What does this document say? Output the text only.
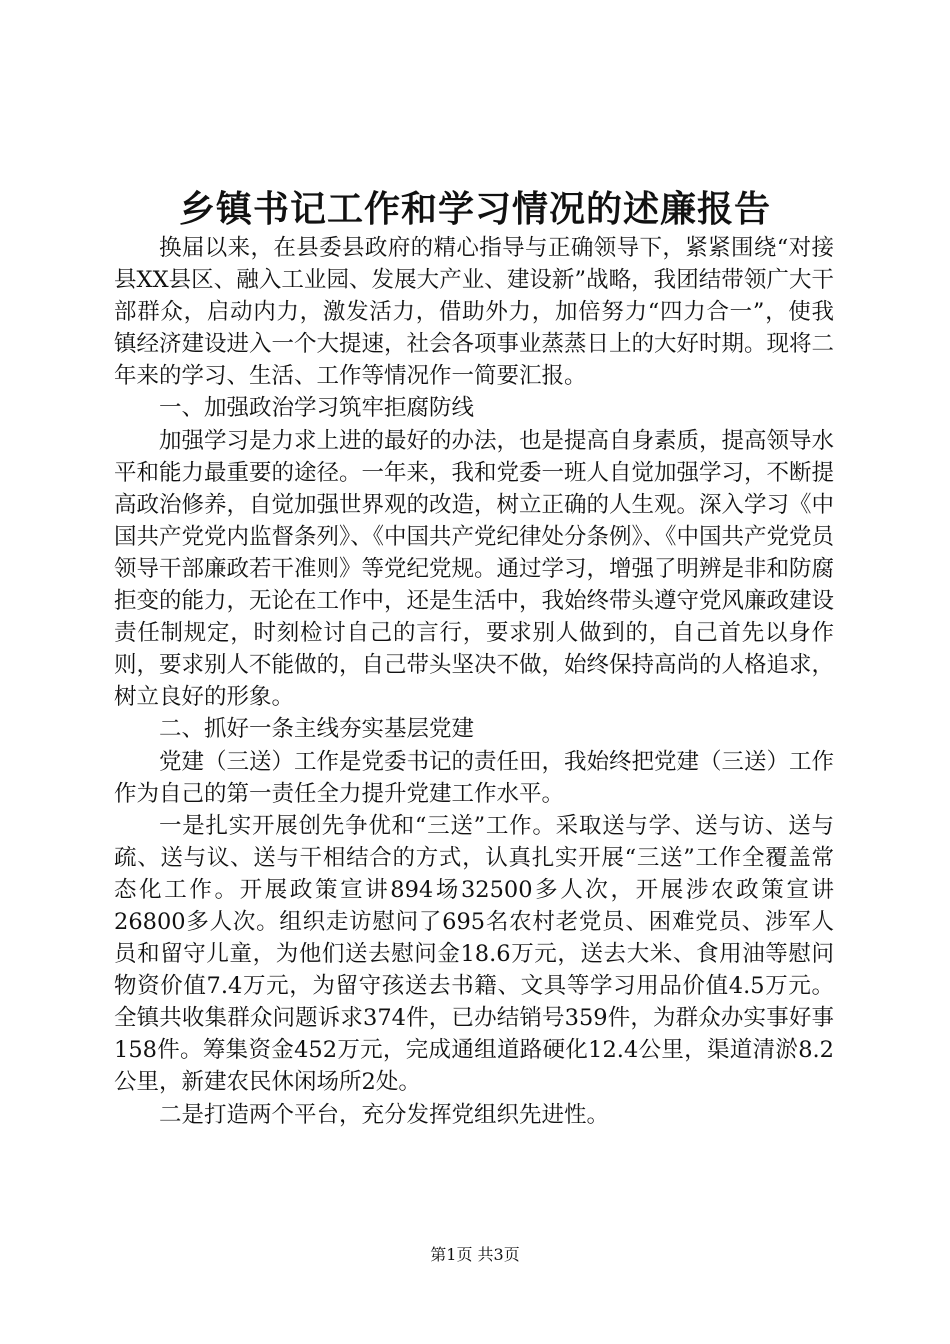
乡镇书记工作和学习情况的述廉报告

换届以来，在县委县政府的精心指导与正确领导下，紧紧围绕“对接县XX县区、融入工业园、发展大产业、建设新”战略，我团结带领广大干部群众，启动内力，激发活力，借助外力，加倍努力“四力合一”，使我镇经济建设进入一个大提速，社会各项事业蒸蒸日上的大好时期。现将二年来的学习、生活、工作等情况作一简要汇报。

一、加强政治学习筑牢拒腐防线

加强学习是力求上进的最好的办法，也是提高自身素质，提高领导水平和能力最重要的途径。一年来，我和党委一班人自觉加强学习，不断提高政治修养，自觉加强世界观的改造，树立正确的人生观。深入学习《中国共产党党内监督条列》、《中国共产党纪律处分条例》、《中国共产党党员领导干部廉政若干准则》等党纪党规。通过学习，增强了明辨是非和防腐拒变的能力，无论在工作中，还是生活中，我始终带头遵守党风廉政建设责任制规定，时刻检讨自己的言行，要求别人做到的，自己首先以身作则，要求别人不能做的，自己带头坚决不做，始终保持高尚的人格追求，树立良好的形象。

二、抓好一条主线夯实基层党建

党建（三送）工作是党委书记的责任田，我始终把党建（三送）工作作为自己的第一责任全力提升党建工作水平。

一是扎实开展创先争优和“三送”工作。采取送与学、送与访、送与疏、送与议、送与干相结合的方式，认真扎实开展“三送”工作全覆盖常态化工作。开展政策宣讲894场32500多人次，开展涉农政策宣讲26800多人次。组织走访慰问了695名农村老党员、困难党员、涉军人员和留守儿童，为他们送去慰问金18.6万元，送去大米、食用油等慰问物资价值7.4万元，为留守孩送去书籍、文具等学习用品价值4.5万元。全镇共收集群众问题诉求374件，已办结销号359件，为群众办实事好事158件。筹集资金452万元，完成通组道路硬化12.4公里，渠道清淤8.2公里，新建农民休闲场所2处。

二是打造两个平台，充分发挥党组织先进性。

第1页 共3页
